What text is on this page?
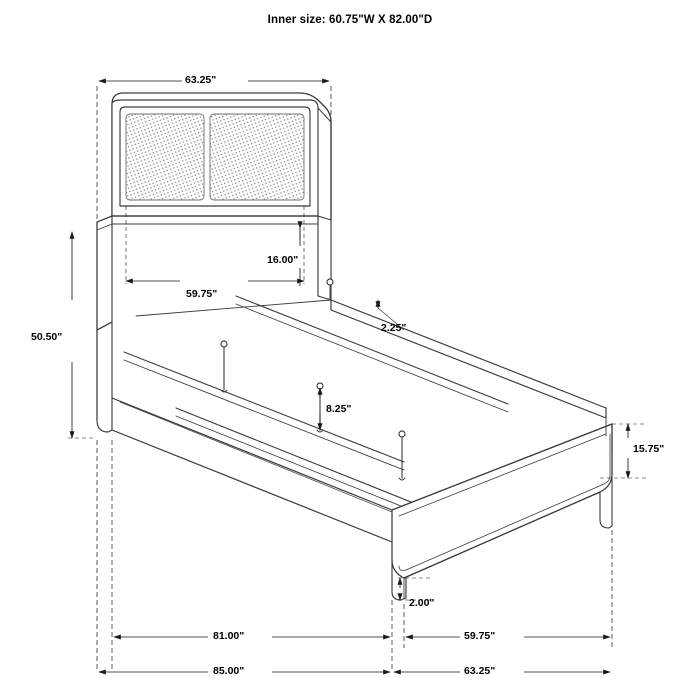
Inner size: 60.75"W X 82.00"D
63.25"
16.00"
59.75"
50.50"
2.25"
8.25"
15.75"
2.00"
81.00"	59.75"
85.00"	63.25"
